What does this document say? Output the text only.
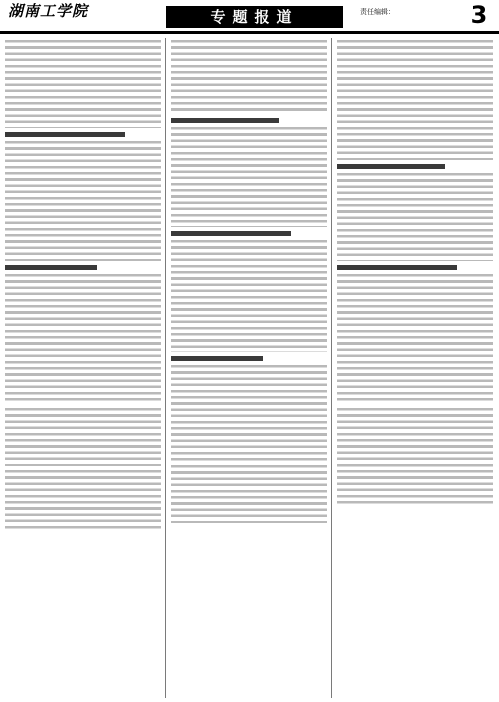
湖南工学院	专题报道	责任编辑：	3
